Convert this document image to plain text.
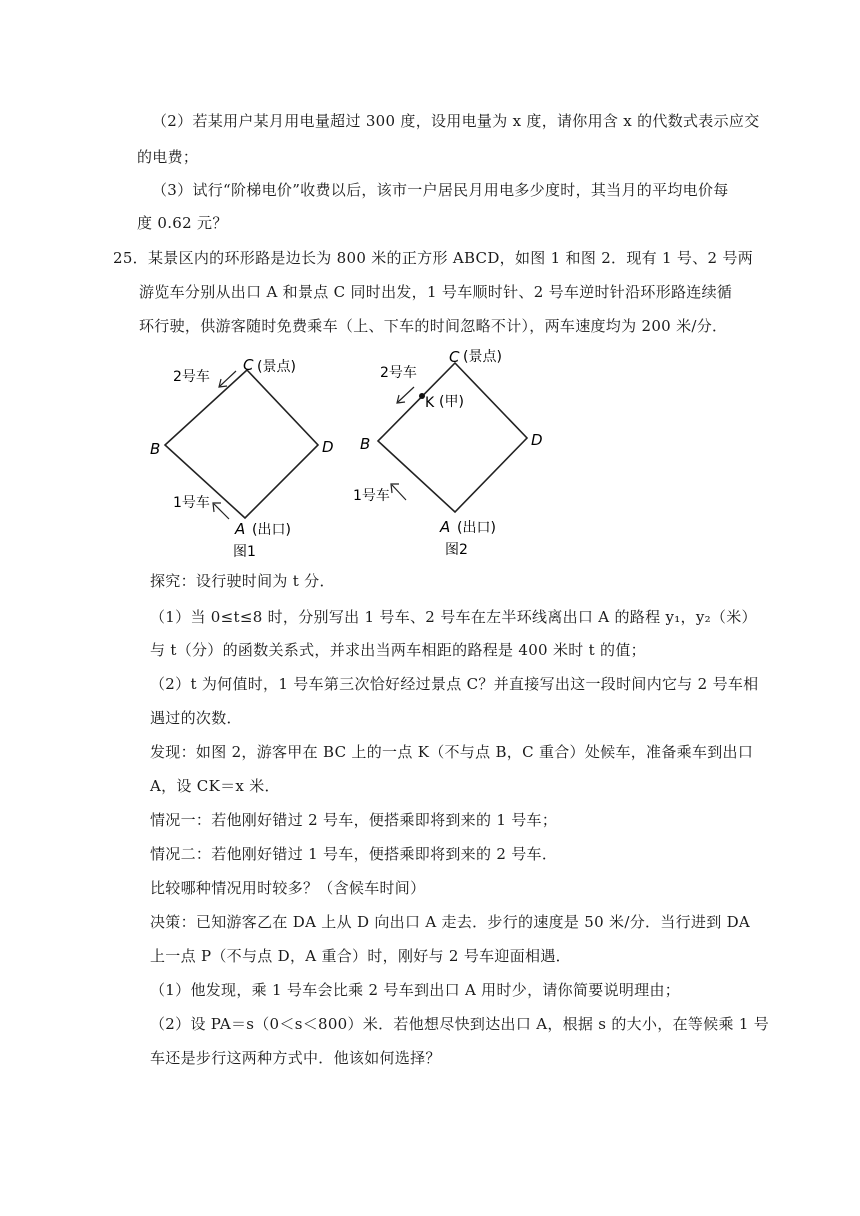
（2）若某用户某月用电量超过 300 度，设用电量为 x 度，请你用含 x 的代数式表示应交
的电费；
（3）试行“阶梯电价”收费以后，该市一户居民月用电多少度时，其当月的平均电价每
度 0.62 元？
25．某景区内的环形路是边长为 800 米的正方形 ABCD，如图 1 和图 2．现有 1 号、2 号两
游览车分别从出口 A 和景点 C 同时出发，1 号车顺时针、2 号车逆时针沿环形路连续循
环行驶，供游客随时免费乘车（上、下车的时间忽略不计），两车速度均为 200 米/分．
C (景点)
B	D
A (出口)
2号车
1号车
图1
C (景点)
B	D
A (出口)
K (甲)
2号车
1号车
图2
探究：设行驶时间为 t 分．
（1）当 0≤t≤8 时，分别写出 1 号车、2 号车在左半环线离出口 A 的路程 y₁，y₂（米）
与 t（分）的函数关系式，并求出当两车相距的路程是 400 米时 t 的值；
（2）t 为何值时，1 号车第三次恰好经过景点 C？并直接写出这一段时间内它与 2 号车相
遇过的次数．
发现：如图 2，游客甲在 BC 上的一点 K（不与点 B，C 重合）处候车，准备乘车到出口
A，设 CK＝x 米．
情况一：若他刚好错过 2 号车，便搭乘即将到来的 1 号车；
情况二：若他刚好错过 1 号车，便搭乘即将到来的 2 号车．
比较哪种情况用时较多？（含候车时间）
决策：已知游客乙在 DA 上从 D 向出口 A 走去．步行的速度是 50 米/分．当行进到 DA
上一点 P（不与点 D，A 重合）时，刚好与 2 号车迎面相遇．
（1）他发现，乘 1 号车会比乘 2 号车到出口 A 用时少，请你简要说明理由；
（2）设 PA＝s（0＜s＜800）米．若他想尽快到达出口 A，根据 s 的大小，在等候乘 1 号
车还是步行这两种方式中．他该如何选择？
